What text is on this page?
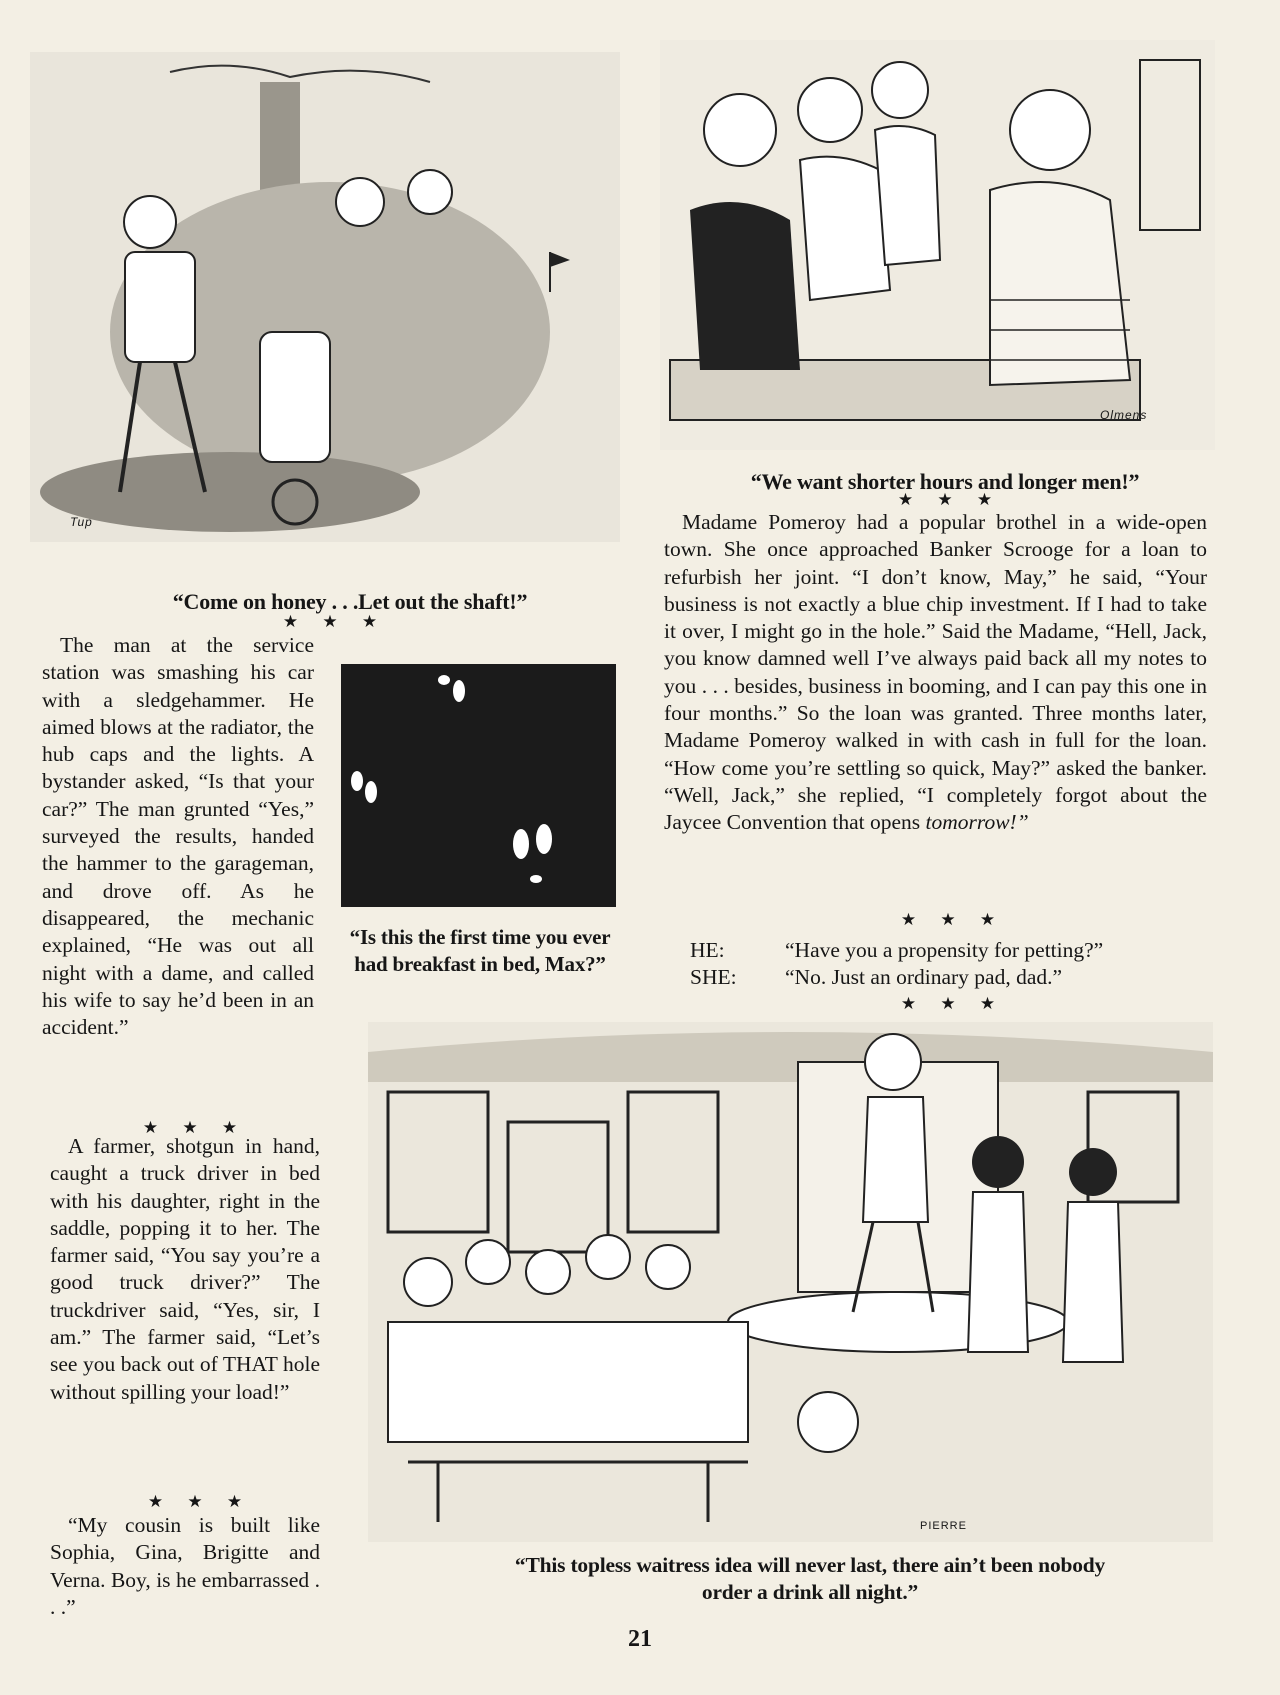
Tup
“Come on honey . . .Let out the shaft!”
★ ★ ★
Olmens
“We want shorter hours and longer men!”
★ ★ ★

The man at the service station was smashing his car with a sledgehammer. He aimed blows at the radiator, the hub caps and the lights. A bystander asked, “Is that your car?” The man grunted “Yes,” surveyed the results, handed the hammer to the garageman, and drove off. As he disappeared, the mechanic explained, “He was out all night with a dame, and called his wife to say he’d been in an accident.”

★ ★ ★

A farmer, shotgun in hand, caught a truck driver in bed with his daughter, right in the saddle, popping it to her. The farmer said, “You say you’re a good truck driver?” The truckdriver said, “Yes, sir, I am.” The farmer said, “Let’s see you back out of THAT hole without spilling your load!”

★ ★ ★

“My cousin is built like Sophia, Gina, Brigitte and Verna. Boy, is he embarrassed . . .”

“Is this the first time you ever had breakfast in bed, Max?”

Madame Pomeroy had a popular brothel in a wide-open town. She once approached Banker Scrooge for a loan to refurbish her joint. “I don’t know, May,” he said, “Your business is not exactly a blue chip investment. If I had to take it over, I might go in the hole.” Said the Madame, “Hell, Jack, you know damned well I’ve always paid back all my notes to you . . . besides, business in booming, and I can pay this one in four months.” So the loan was granted. Three months later, Madame Pomeroy walked in with cash in full for the loan. “How come you’re settling so quick, May?” asked the banker. “Well, Jack,” she replied, “I completely forgot about the Jaycee Convention that opens tomorrow!”

★ ★ ★
HE:	“Have you a propensity for petting?”
SHE:	“No. Just an ordinary pad, dad.”
★ ★ ★
PIERRE
“This topless waitress idea will never last, there ain’t been nobody
order a drink all night.”
21
